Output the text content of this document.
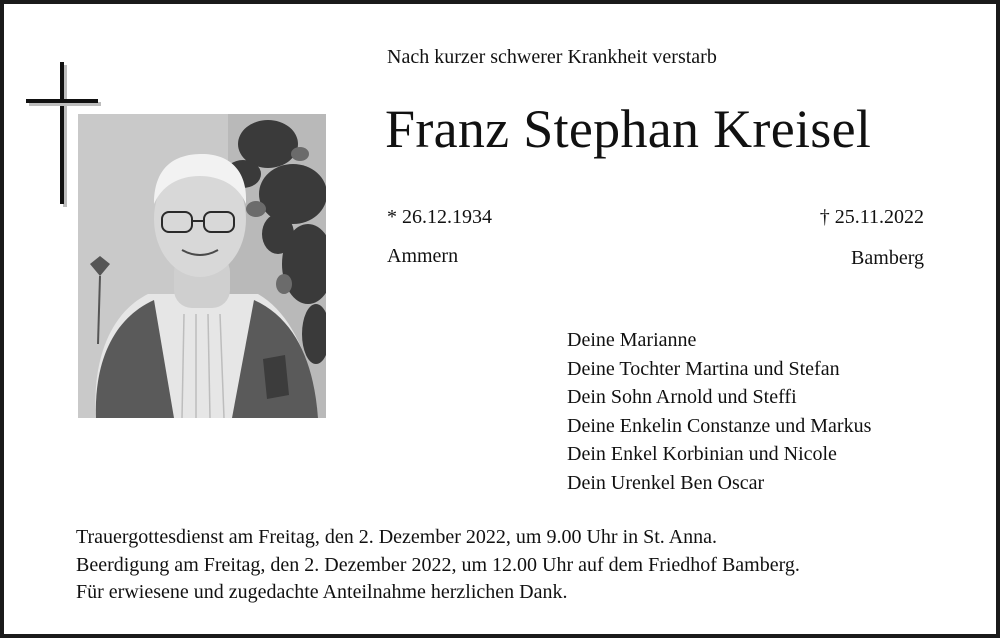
Nach kurzer schwerer Krankheit verstarb
Franz Stephan Kreisel
* 26.12.1934	† 25.11.2022
Ammern	Bamberg
Deine Marianne
Deine Tochter Martina und Stefan
Dein Sohn Arnold und Steffi
Deine Enkelin Constanze und Markus
Dein Enkel Korbinian und Nicole
Dein Urenkel Ben Oscar
Trauergottesdienst am Freitag, den 2. Dezember 2022, um 9.00 Uhr in St. Anna.
Beerdigung am Freitag, den 2. Dezember 2022, um 12.00 Uhr auf dem Friedhof Bamberg.
Für erwiesene und zugedachte Anteilnahme herzlichen Dank.
